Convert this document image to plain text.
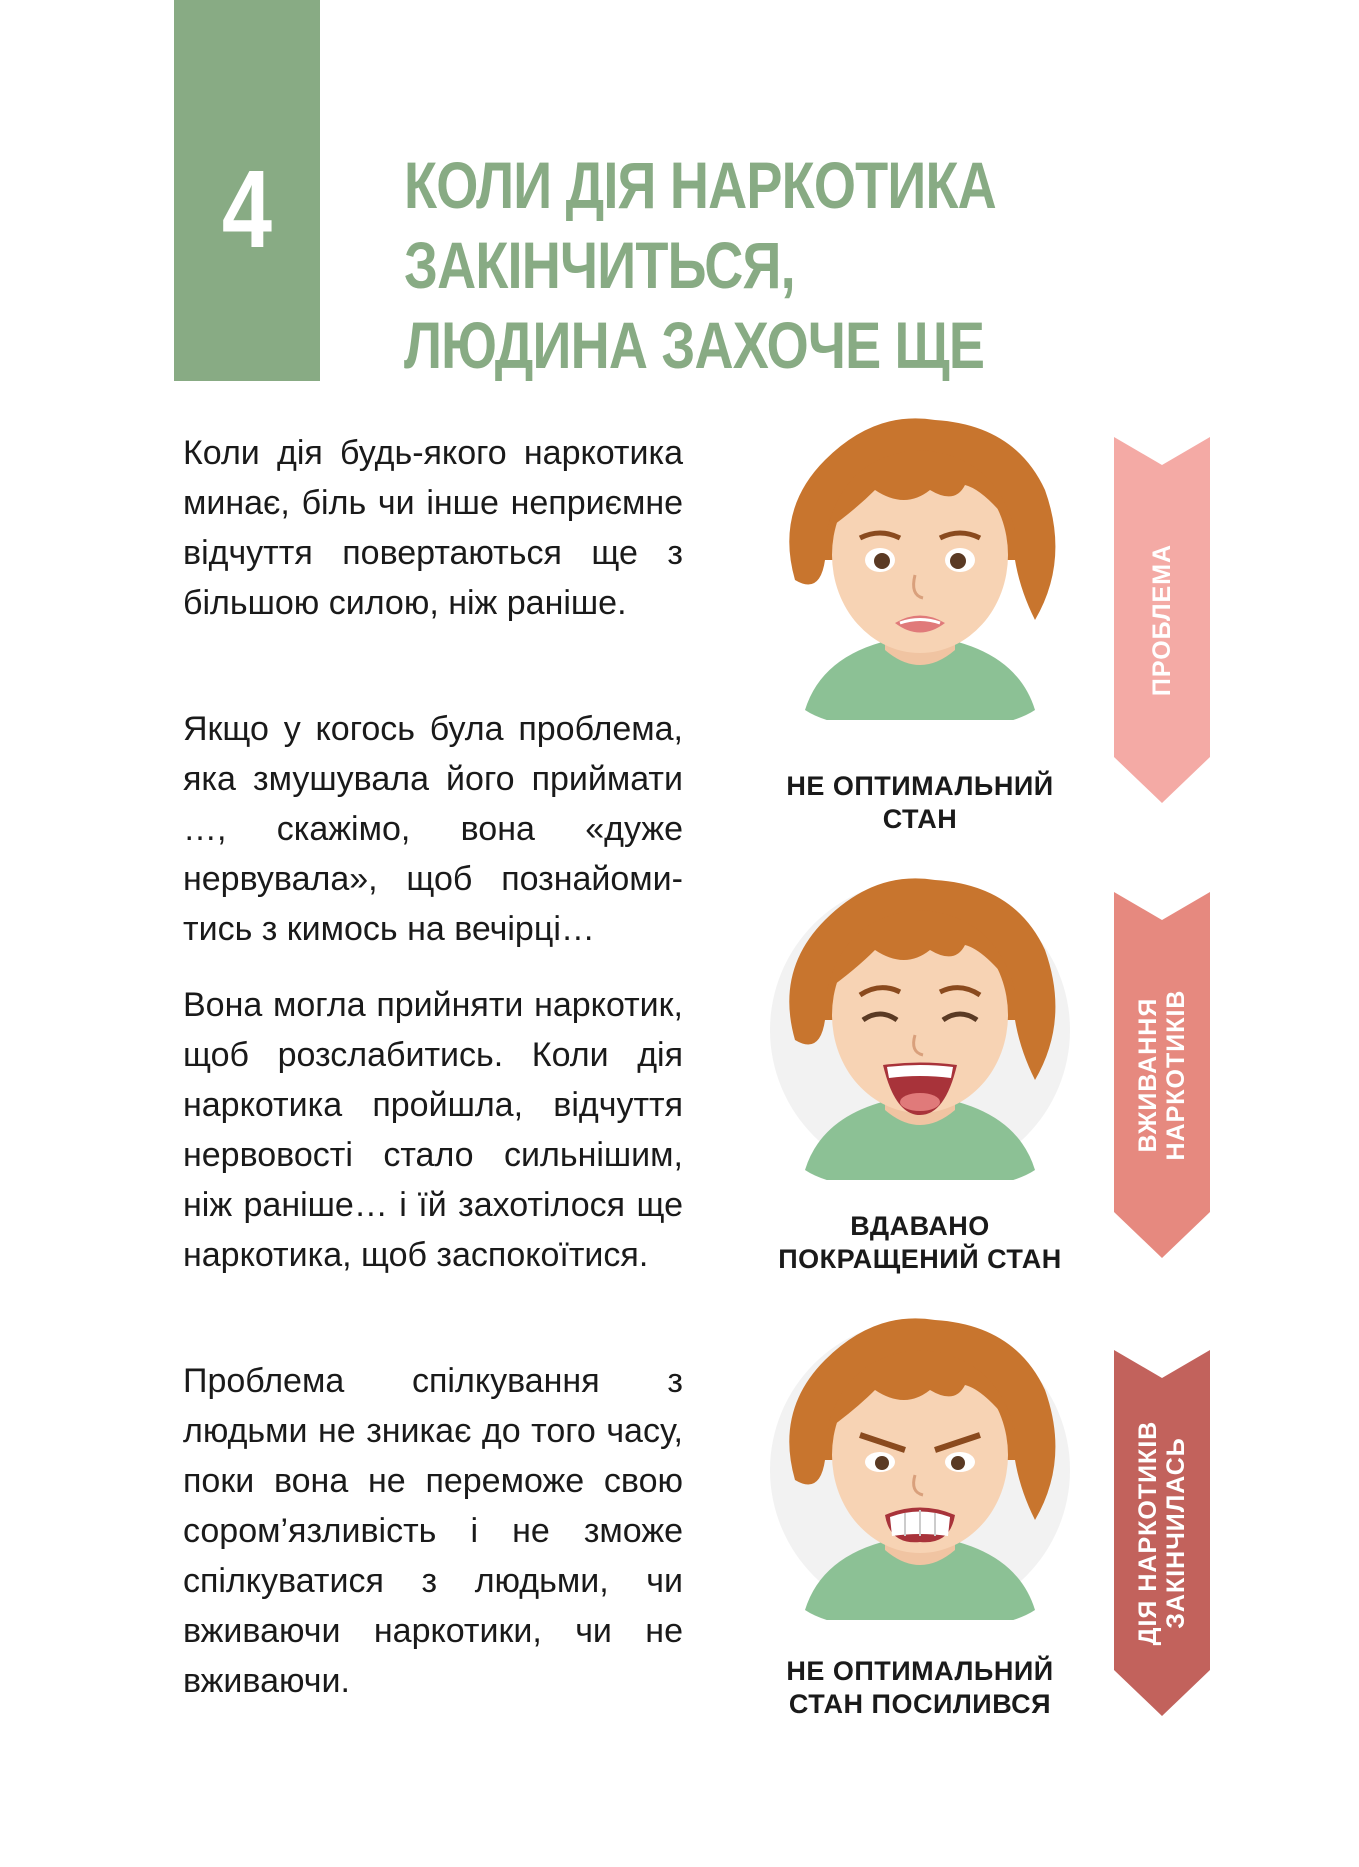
4	КОЛИ ДІЯ НАРКОТИКА
ЗАКІНЧИТЬСЯ,
ЛЮДИНА ЗАХОЧЕ ЩЕ

Коли дія будь-якого наркотика минає, біль чи інше неприємне відчуття повертаються ще з більшою силою, ніж раніше.

Якщо у когось була проблема, яка змушувала його приймати …, скажімо, вона «дуже нервувала», щоб познайомитись з кимось на вечірці…

Вона могла прийняти наркотик, щоб розслабитись. Коли дія наркотика пройшла, відчуття нервовості стало сильнішим, ніж раніше… і їй захотілося ще наркотика, щоб заспокоїтися.

Проблема спілкування з людьми не зникає до того часу, поки вона не переможе свою сором’язливість і не зможе спілкуватися з людьми, чи вживаючи наркотики, чи не вживаючи.

НЕ ОПТИМАЛЬНИЙ
СТАН
ВДАВАНО
ПОКРАЩЕНИЙ СТАН
НЕ ОПТИМАЛЬНИЙ
СТАН ПОСИЛИВСЯ
ПРОБЛЕМА
ВЖИВАННЯ НАРКОТИКІВ
ДІЯ НАРКОТИКІВ ЗАКІНЧИЛАСЬ
